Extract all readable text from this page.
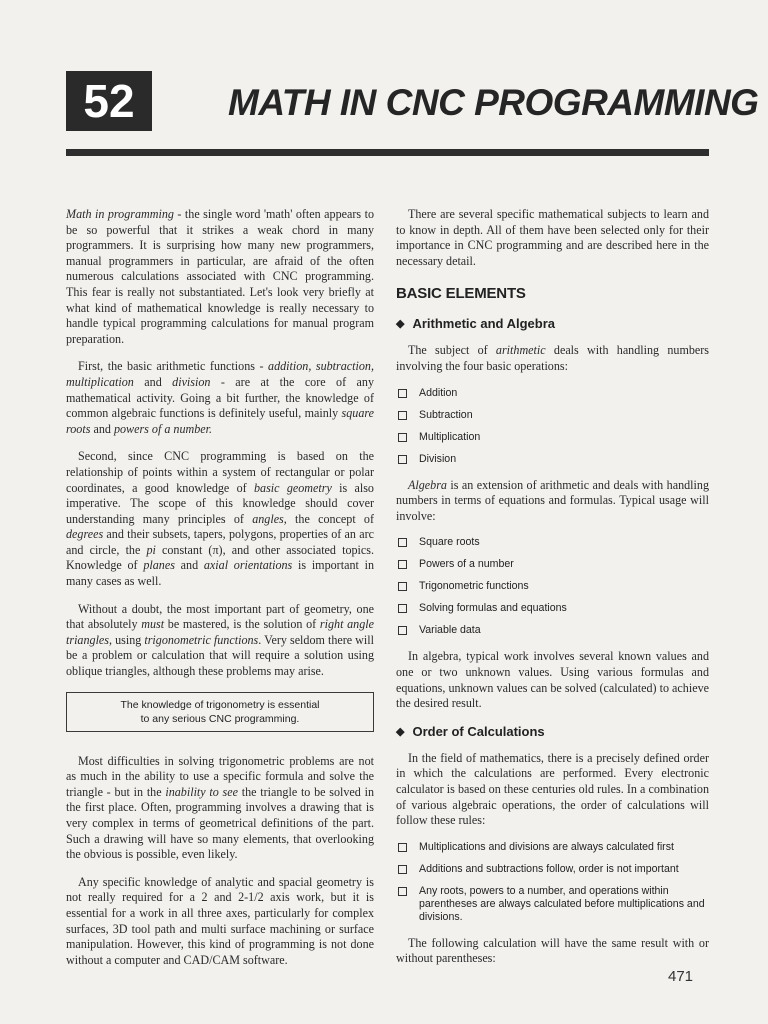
52	MATH IN CNC PROGRAMMING

Math in programming - the single word 'math' often appears to be so powerful that it strikes a weak chord in many programmers. It is surprising how many new programmers, manual programmers in particular, are afraid of the often numerous calculations associated with CNC programming. This fear is really not substantiated. Let's look very briefly at what kind of mathematical knowledge is really necessary to handle typical programming calculations for manual program preparation.

First, the basic arithmetic functions - addition, subtraction, multiplication and division - are at the core of any mathematical activity. Going a bit further, the knowledge of common algebraic functions is definitely useful, mainly square roots and powers of a number.

Second, since CNC programming is based on the relationship of points within a system of rectangular or polar coordinates, a good knowledge of basic geometry is also imperative. The scope of this knowledge should cover understanding many principles of angles, the concept of degrees and their subsets, tapers, polygons, properties of an arc and circle, the pi constant (π), and other associated topics. Knowledge of planes and axial orientations is important in many cases as well.

Without a doubt, the most important part of geometry, one that absolutely must be mastered, is the solution of right angle triangles, using trigonometric functions. Very seldom there will be a problem or calculation that will require a solution using oblique triangles, although these problems may arise.

The knowledge of trigonometry is essential
to any serious CNC programming.

Most difficulties in solving trigonometric problems are not as much in the ability to use a specific formula and solve the triangle - but in the inability to see the triangle to be solved in the first place. Often, programming involves a drawing that is very complex in terms of geometrical definitions of the part. Such a drawing will have so many elements, that overlooking the obvious is possible, even likely.

Any specific knowledge of analytic and spacial geometry is not really required for a 2 and 2-1/2 axis work, but it is essential for a work in all three axes, particularly for complex surfaces, 3D tool path and multi surface machining or surface manipulation. However, this kind of programming is not done without a computer and CAD/CAM software.

There are several specific mathematical subjects to learn and to know in depth. All of them have been selected only for their importance in CNC programming and are described here in the necessary detail.

BASIC ELEMENTS
◆ Arithmetic and Algebra

The subject of arithmetic deals with handling numbers involving the four basic operations:

Addition
Subtraction
Multiplication
Division

Algebra is an extension of arithmetic and deals with handling numbers in terms of equations and formulas. Typical usage will involve:

Square roots
Powers of a number
Trigonometric functions
Solving formulas and equations
Variable data

In algebra, typical work involves several known values and one or two unknown values. Using various formulas and equations, unknown values can be solved (calculated) to achieve the desired result.

◆ Order of Calculations

In the field of mathematics, there is a precisely defined order in which the calculations are performed. Every electronic calculator is based on these centuries old rules. In a combination of various algebraic operations, the order of calculations will follow these rules:

Multiplications and divisions are always calculated first
Additions and subtractions follow, order is not important
Any roots, powers to a number, and operations within parentheses are always calculated before multiplications and divisions.

The following calculation will have the same result with or without parentheses:

471
